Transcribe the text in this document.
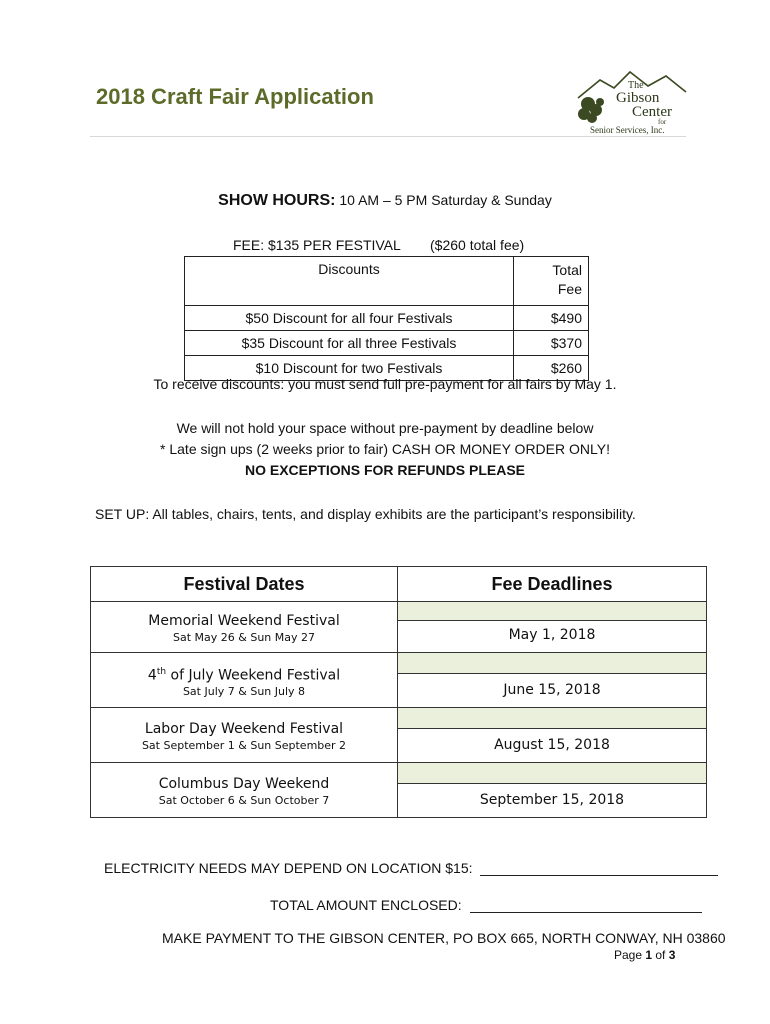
2018 Craft Fair Application	The
Gibson
Center
for
Senior Services, Inc.
SHOW HOURS: 10 AM – 5 PM Saturday & Sunday
FEE: $135 PER FESTIVAL ($260 total fee)
Discounts	Total
Fee

$50 Discount for all four Festivals	$490
$35 Discount for all three Festivals	$370
$10 Discount for two Festivals	$260
To receive discounts: you must send full pre-payment for all fairs by May 1.
We will not hold your space without pre-payment by deadline below
* Late sign ups (2 weeks prior to fair) CASH OR MONEY ORDER ONLY!
NO EXCEPTIONS FOR REFUNDS PLEASE
SET UP: All tables, chairs, tents, and display exhibits are the participant’s responsibility.
Festival Dates	Fee Deadlines

Memorial Weekend Festival
Sat May 26 & Sun May 27	May 1, 2018

4th of July Weekend Festival
Sat July 7 & Sun July 8	June 15, 2018

Labor Day Weekend Festival
Sat September 1 & Sun September 2	August 15, 2018

Columbus Day Weekend
Sat October 6 & Sun October 7	September 15, 2018
ELECTRICITY NEEDS MAY DEPEND ON LOCATION $15:
TOTAL AMOUNT ENCLOSED:
MAKE PAYMENT TO THE GIBSON CENTER, PO BOX 665, NORTH CONWAY, NH 03860
Page 1 of 3
